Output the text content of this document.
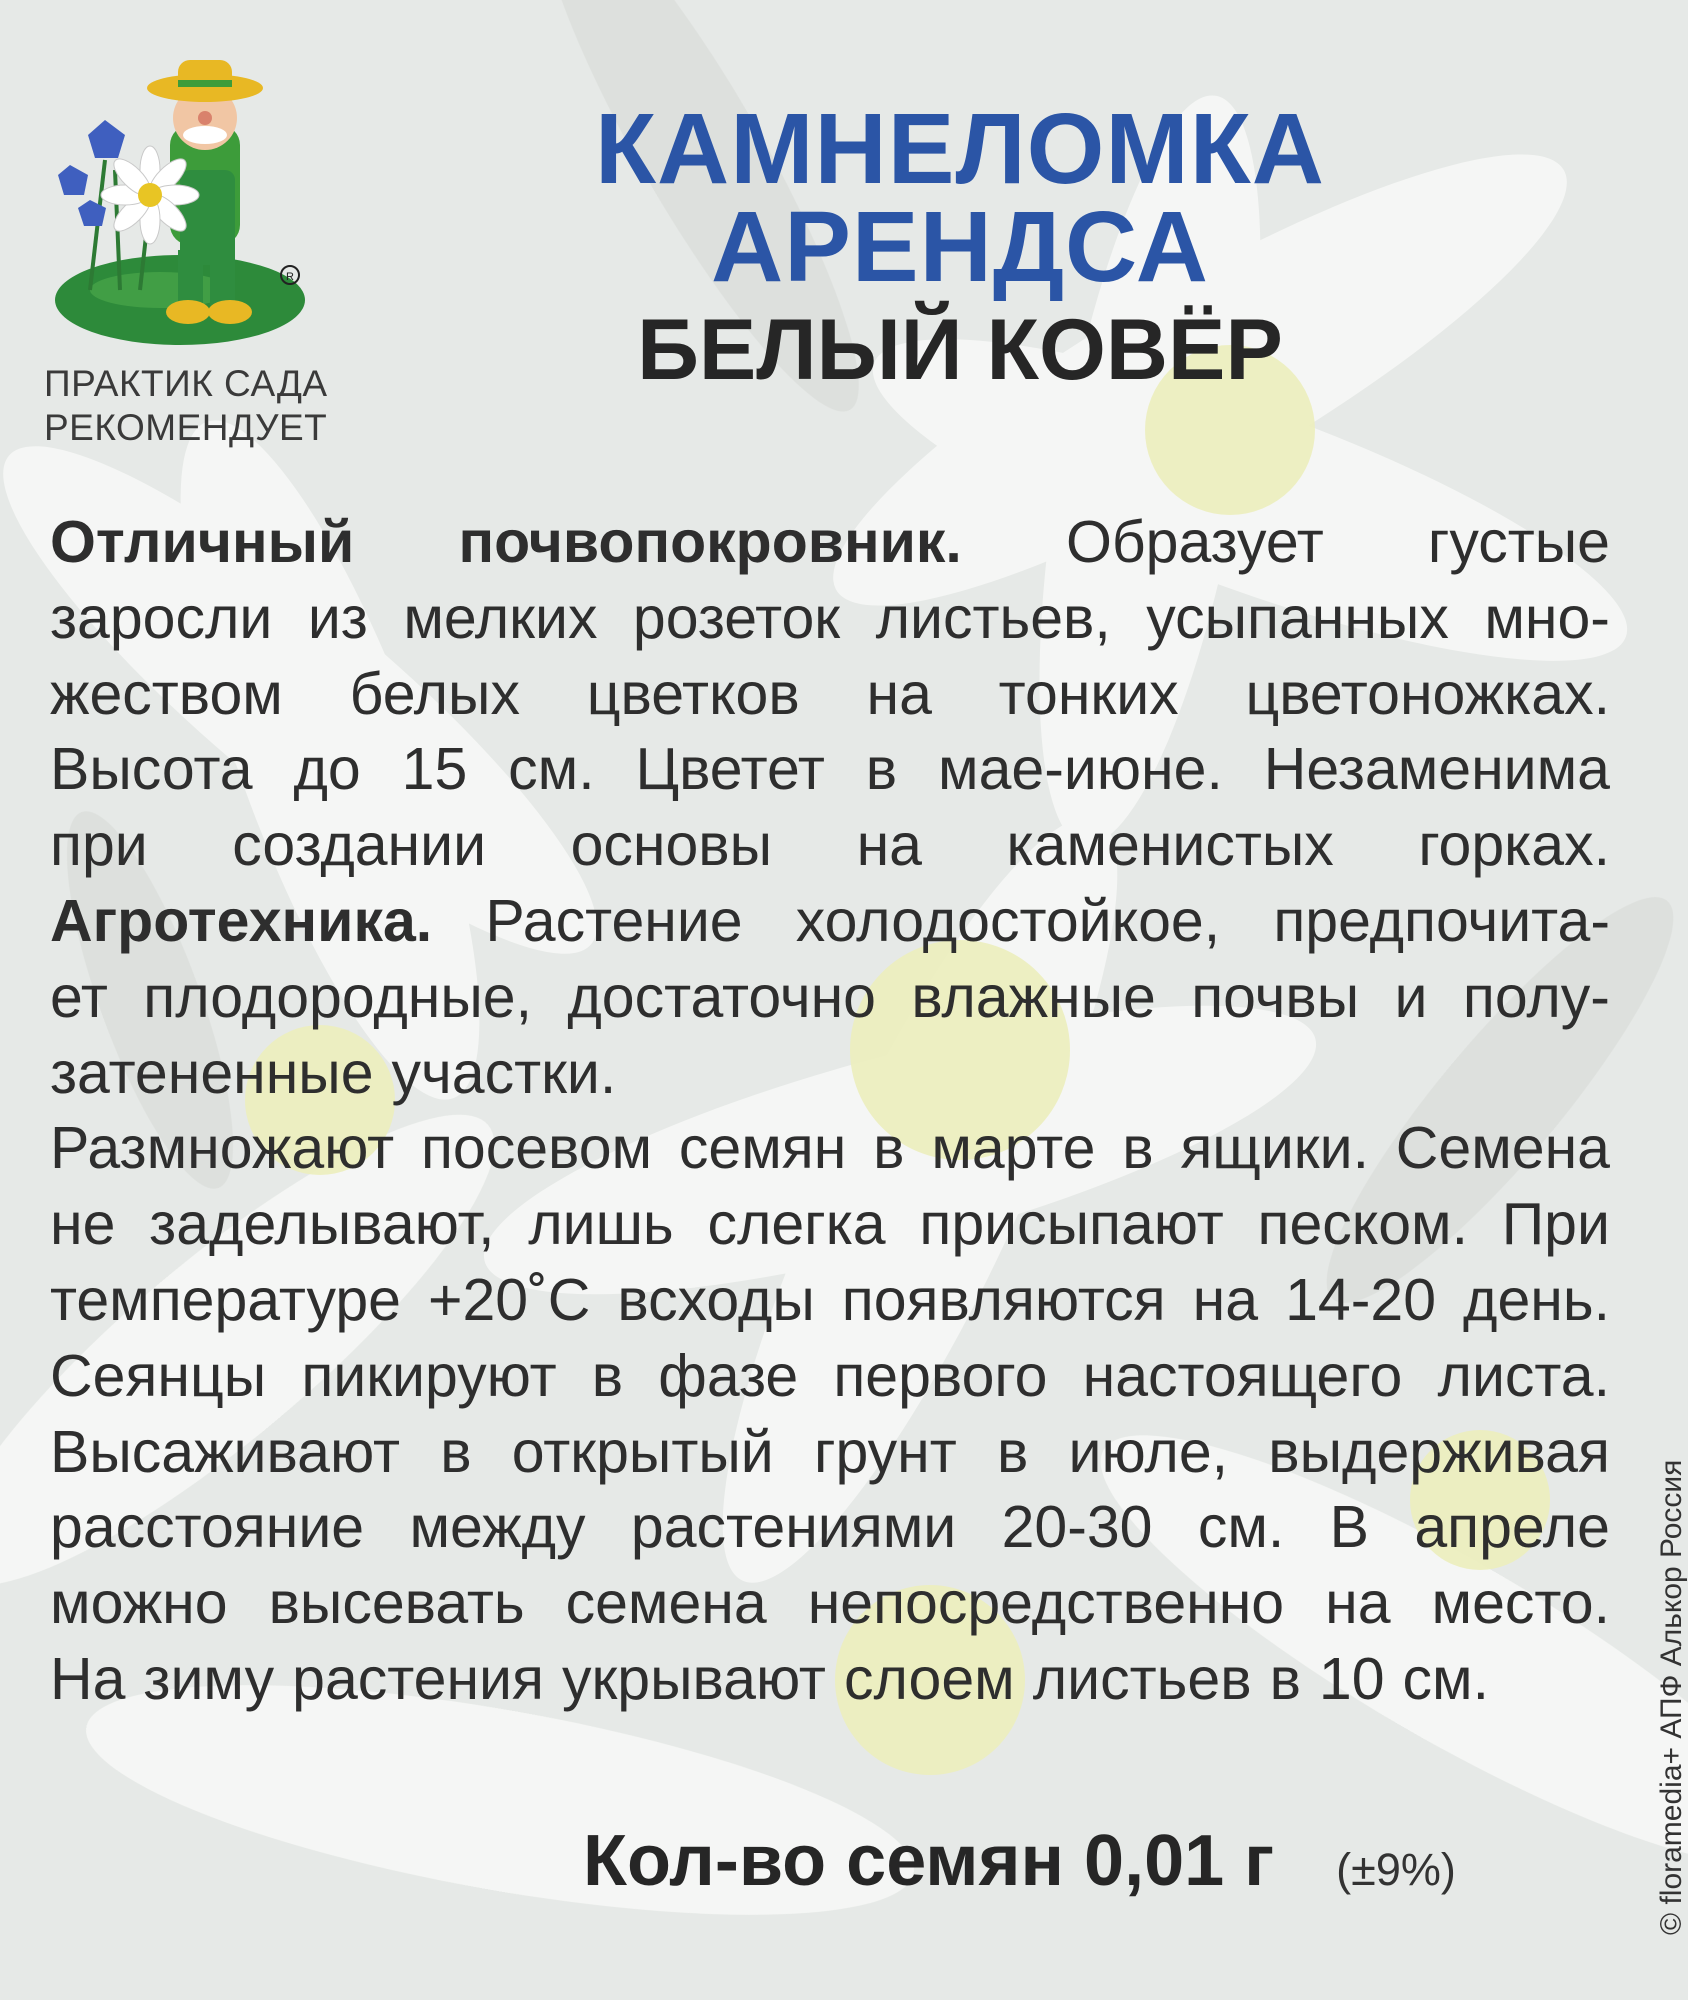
R
ПРАКТИК САДА
РЕКОМЕНДУЕТ
КАМНЕЛОМКА
АРЕНДСА
БЕЛЫЙ КОВЁР
Отличный почвопокровник. Образует густые
заросли из мелких розеток листьев, усыпанных мно-
жеством белых цветков на тонких цветоножках.
Высота до 15 см. Цветет в мае-июне. Незаменима
при создании основы на каменистых горках.
Агротехника. Растение холодостойкое, предпочита-
ет плодородные, достаточно влажные почвы и полу-
затененные участки.
Размножают посевом семян в марте в ящики. Семена
не заделывают, лишь слегка присыпают песком. При
температуре +20˚С всходы появляются на 14-20 день.
Сеянцы пикируют в фазе первого настоящего листа.
Высаживают в открытый грунт в июле, выдерживая
расстояние между растениями 20-30 см. В апреле
можно высевать семена непосредственно на место.
На зиму растения укрывают слоем листьев в 10 см.
Кол-во семян 0,01 г (±9%)	© floramedia+ АПФ Алькор Россия
